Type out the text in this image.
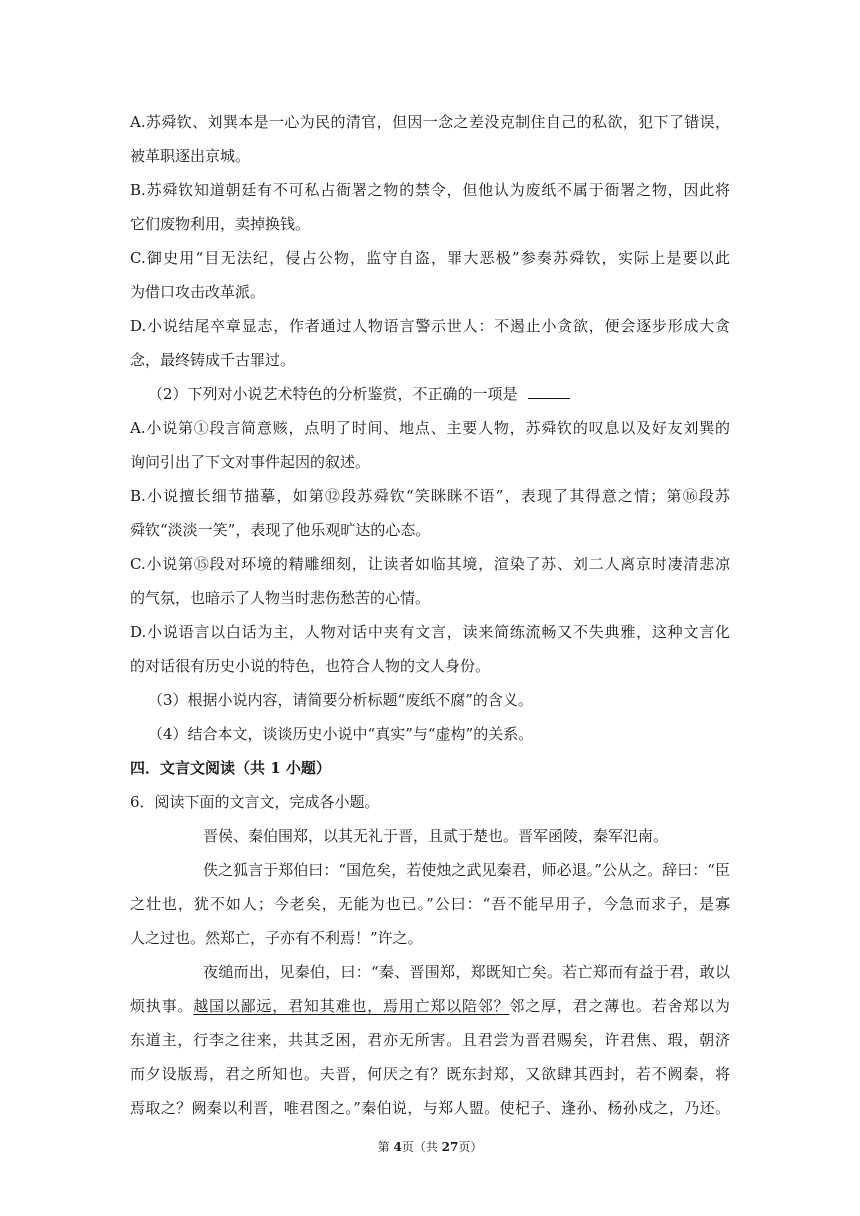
A.苏舜钦、刘巽本是一心为民的清官，但因一念之差没克制住自己的私欲，犯下了错误，
被革职逐出京城。
B.苏舜钦知道朝廷有不可私占衙署之物的禁令，但他认为废纸不属于衙署之物，因此将
它们废物利用，卖掉换钱。
C.御史用“目无法纪，侵占公物，监守自盗，罪大恶极”参奏苏舜钦，实际上是要以此
为借口攻击改革派。
D.小说结尾卒章显志，作者通过人物语言警示世人：不遏止小贪欲，便会逐步形成大贪
念，最终铸成千古罪过。
（2）下列对小说艺术特色的分析鉴赏，不正确的一项是
A.小说第①段言简意赅，点明了时间、地点、主要人物，苏舜钦的叹息以及好友刘巽的
询问引出了下文对事件起因的叙述。
B.小说擅长细节描摹，如第⑫段苏舜钦“笑眯眯不语”，表现了其得意之情；第⑯段苏
舜钦“淡淡一笑”，表现了他乐观旷达的心态。
C.小说第⑮段对环境的精雕细刻，让读者如临其境，渲染了苏、刘二人离京时凄清悲凉
的气氛，也暗示了人物当时悲伤愁苦的心情。
D.小说语言以白话为主，人物对话中夹有文言，读来简练流畅又不失典雅，这种文言化
的对话很有历史小说的特色，也符合人物的文人身份。
（3）根据小说内容，请简要分析标题“废纸不腐”的含义。
（4）结合本文，谈谈历史小说中“真实”与“虚构”的关系。
四．文言文阅读（共 1 小题）
6．阅读下面的文言文，完成各小题。
晋侯、秦伯围郑，以其无礼于晋，且贰于楚也。晋军函陵，秦军氾南。
佚之狐言于郑伯曰：“国危矣，若使烛之武见秦君，师必退。”公从之。辞曰：“臣
之壮也，犹不如人；今老矣，无能为也已。”公曰：“吾不能早用子，今急而求子，是寡
人之过也。然郑亡，子亦有不利焉！”许之。
夜缒而出，见秦伯，曰：“秦、晋围郑，郑既知亡矣。若亡郑而有益于君，敢以
烦执事。越国以鄙远，君知其难也，焉用亡郑以陪邻？邻之厚，君之薄也。若舍郑以为
东道主，行李之往来，共其乏困，君亦无所害。且君尝为晋君赐矣，许君焦、瑕，朝济
而夕设版焉，君之所知也。夫晋，何厌之有？既东封郑，又欲肆其西封，若不阙秦，将
焉取之？阙秦以利晋，唯君图之。”秦伯说，与郑人盟。使杞子、逢孙、杨孙戍之，乃还。
第 4页（共 27页）
